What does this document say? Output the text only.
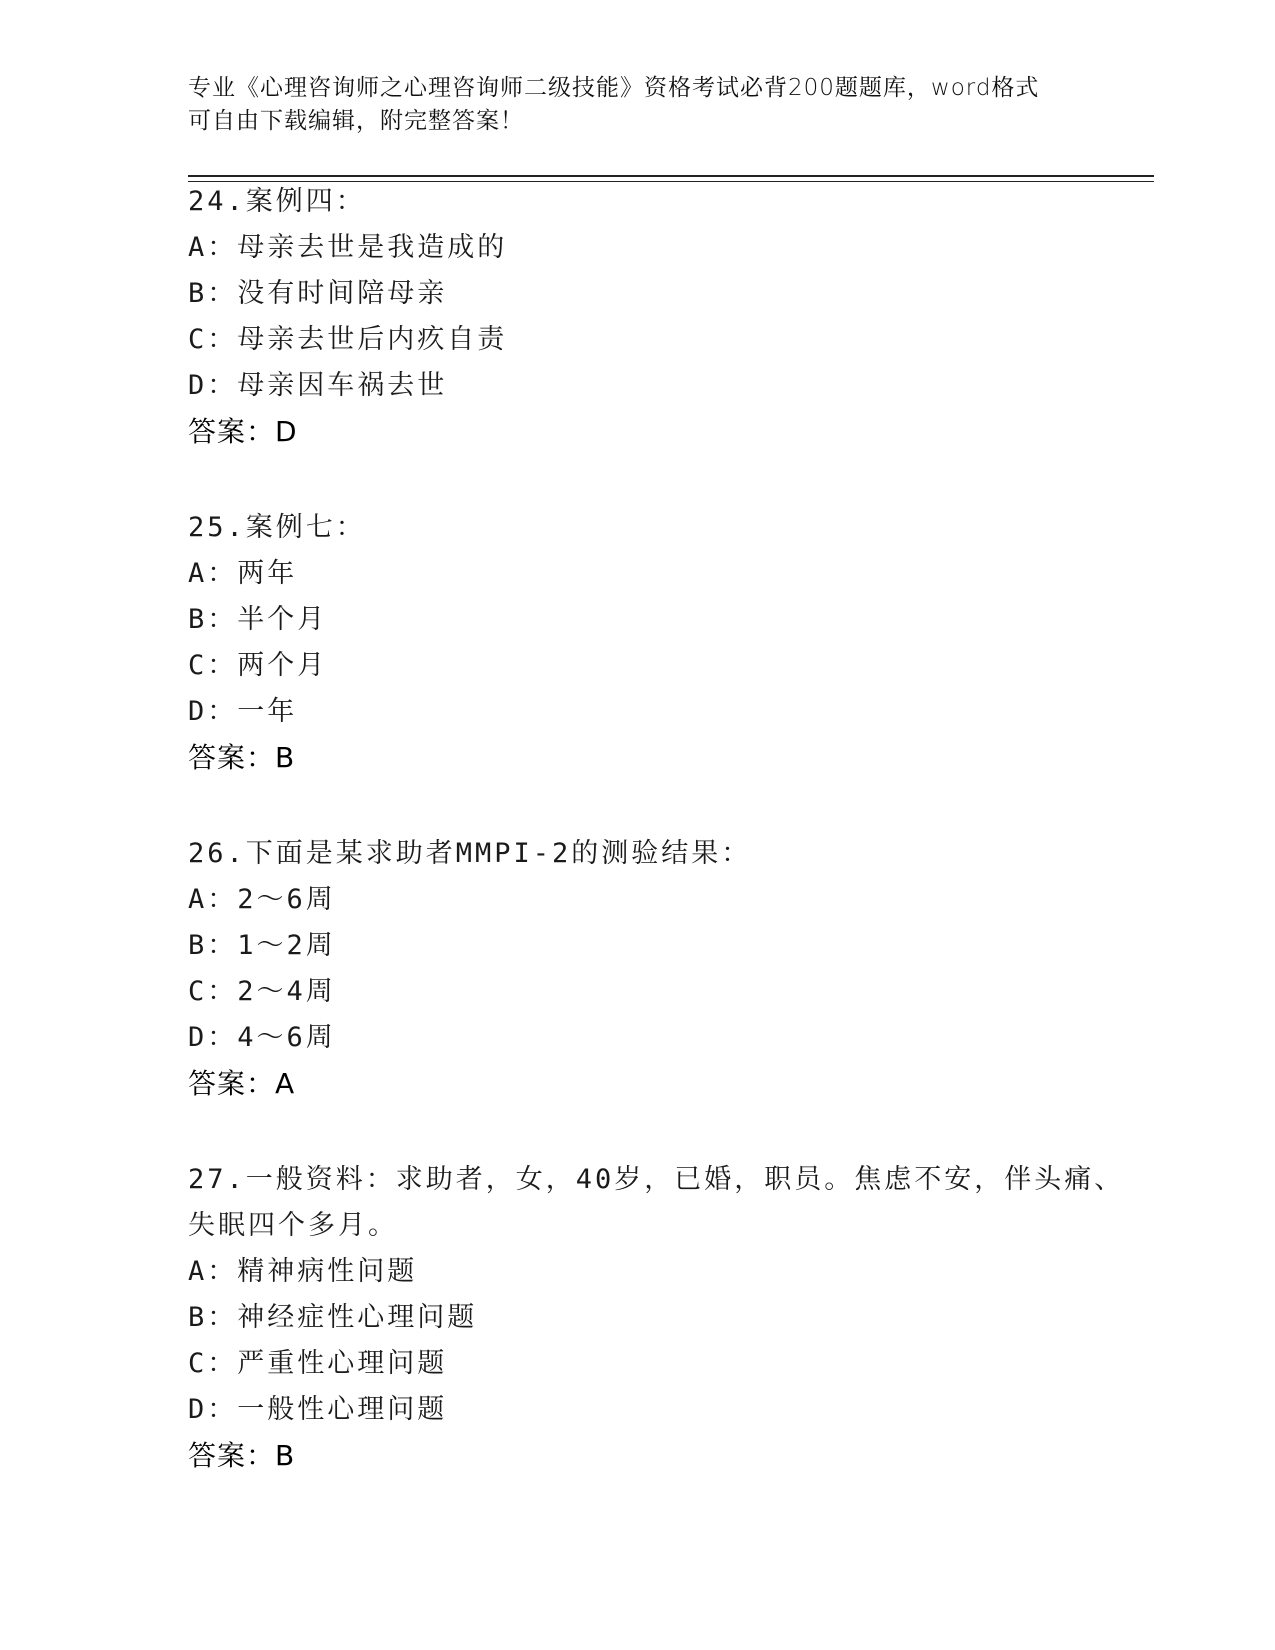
专业《心理咨询师之心理咨询师二级技能》资格考试必背200题题库，word格式
可自由下载编辑，附完整答案！
24.案例四：
A：母亲去世是我造成的
B：没有时间陪母亲
C：母亲去世后内疚自责
D：母亲因车祸去世
答案：D
25.案例七：
A：两年
B：半个月
C：两个月
D：一年
答案：B
26.下面是某求助者MMPI-2的测验结果：
A：2～6周
B：1～2周
C：2～4周
D：4～6周
答案：A
27.一般资料：求助者，女，40岁，已婚，职员。焦虑不安，伴头痛、
失眠四个多月。
A：精神病性问题
B：神经症性心理问题
C：严重性心理问题
D：一般性心理问题
答案：B
